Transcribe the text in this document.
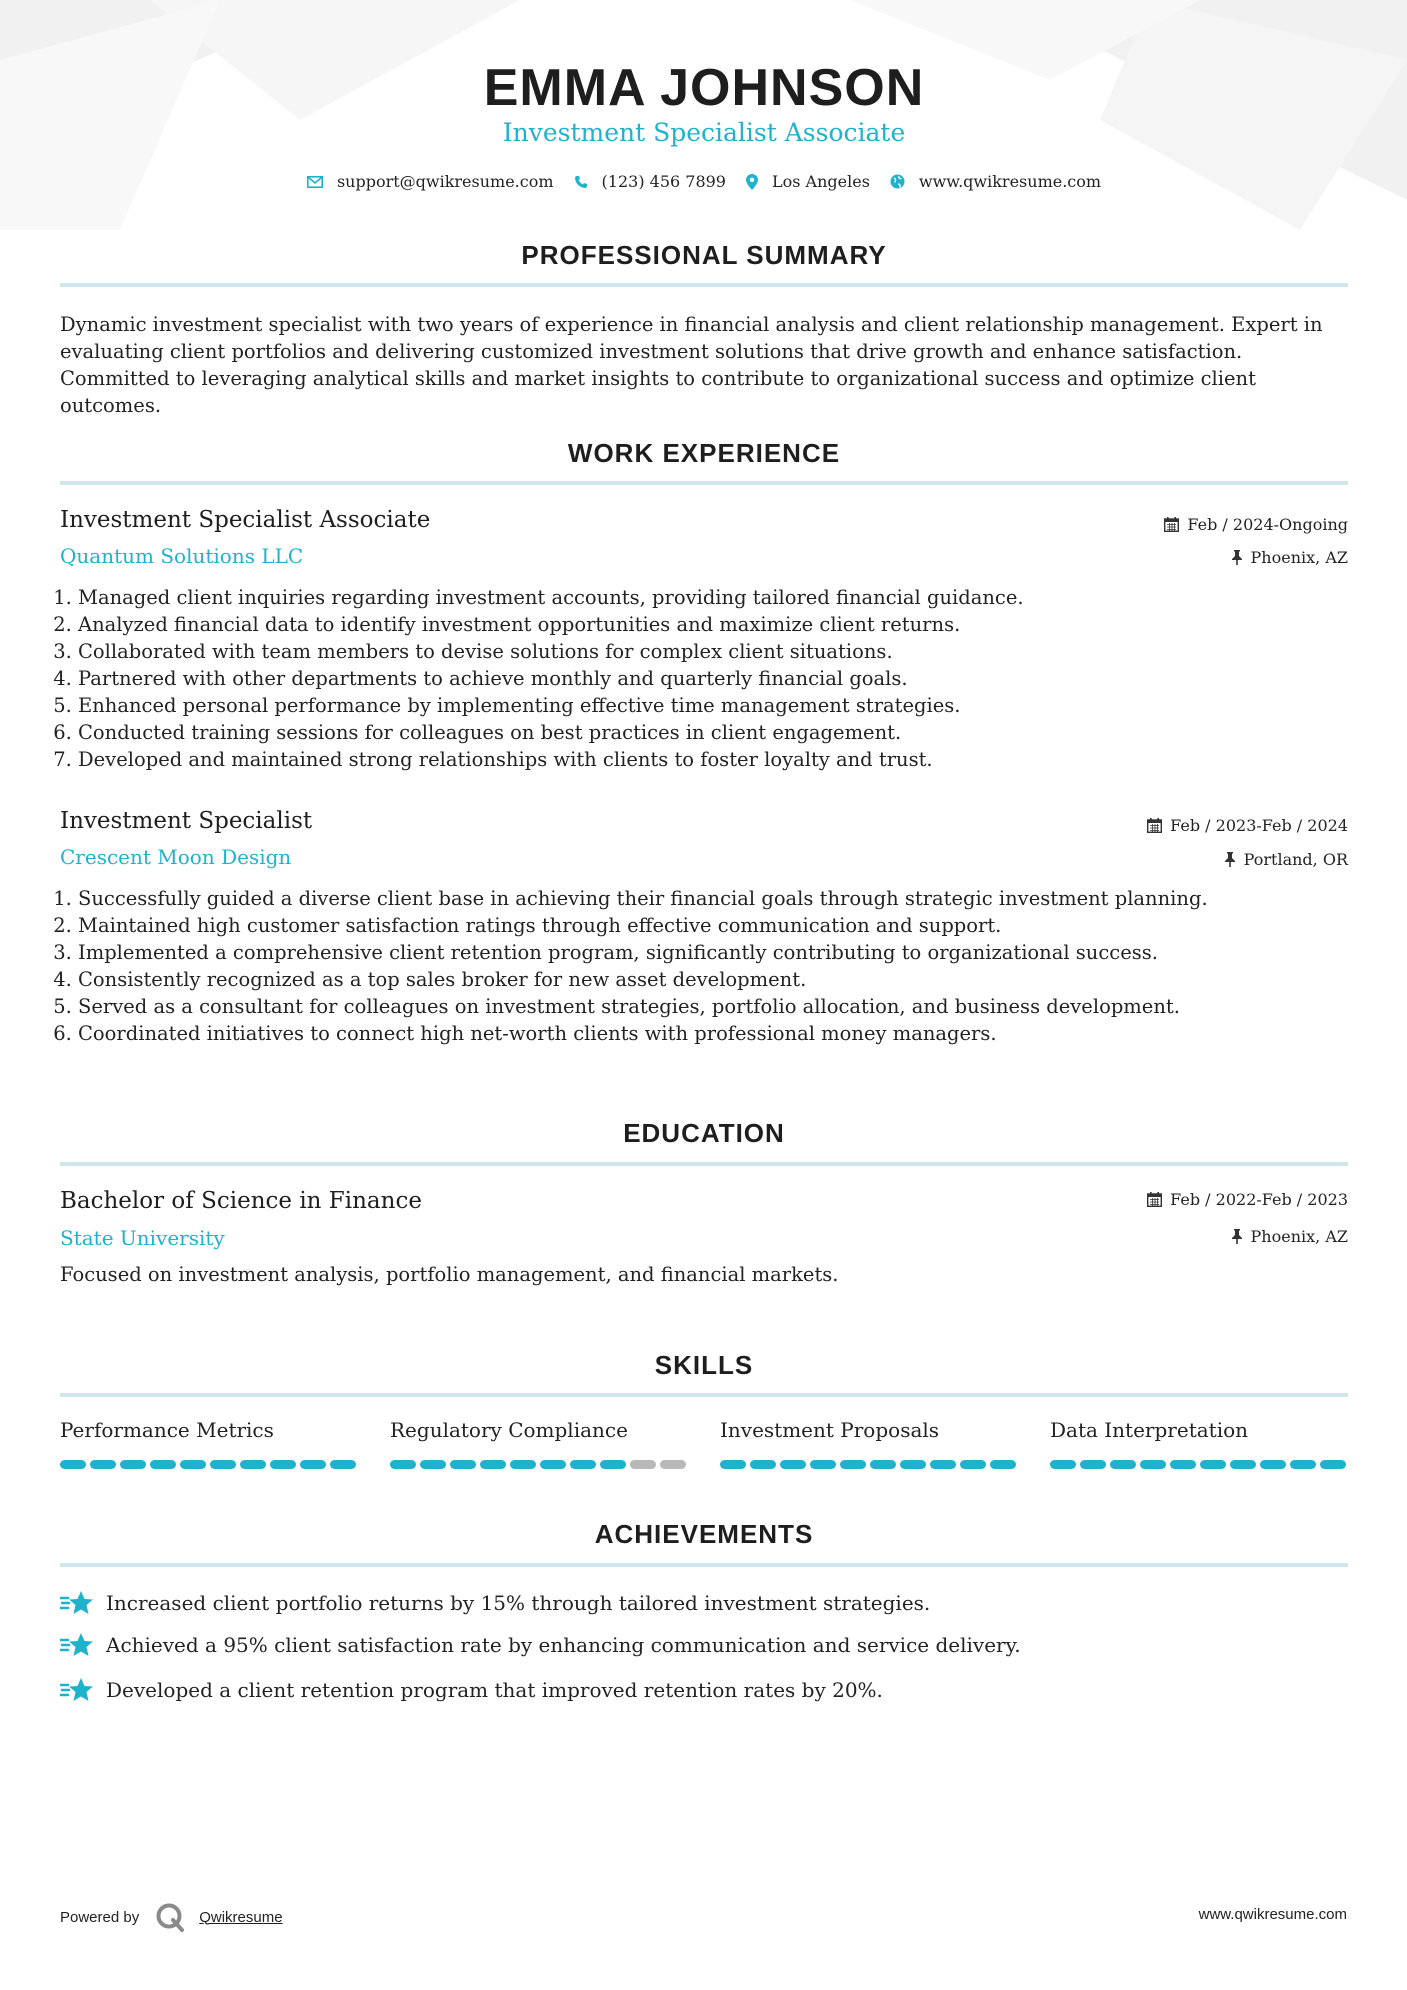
EMMA JOHNSON
Investment Specialist Associate
support@qwikresume.com	(123) 456 7899	Los Angeles	www.qwikresume.com
PROFESSIONAL SUMMARY
Dynamic investment specialist with two years of experience in financial analysis and client relationship management. Expert in evaluating client portfolios and delivering customized investment solutions that drive growth and enhance satisfaction. Committed to leveraging analytical skills and market insights to contribute to organizational success and optimize client outcomes.
WORK EXPERIENCE
Investment Specialist Associate	Feb / 2024-Ongoing
Quantum Solutions LLC	Phoenix, AZ
1. Managed client inquiries regarding investment accounts, providing tailored financial guidance.
2. Analyzed financial data to identify investment opportunities and maximize client returns.
3. Collaborated with team members to devise solutions for complex client situations.
4. Partnered with other departments to achieve monthly and quarterly financial goals.
5. Enhanced personal performance by implementing effective time management strategies.
6. Conducted training sessions for colleagues on best practices in client engagement.
7. Developed and maintained strong relationships with clients to foster loyalty and trust.
Investment Specialist	Feb / 2023-Feb / 2024
Crescent Moon Design	Portland, OR
1. Successfully guided a diverse client base in achieving their financial goals through strategic investment planning.
2. Maintained high customer satisfaction ratings through effective communication and support.
3. Implemented a comprehensive client retention program, significantly contributing to organizational success.
4. Consistently recognized as a top sales broker for new asset development.
5. Served as a consultant for colleagues on investment strategies, portfolio allocation, and business development.
6. Coordinated initiatives to connect high net-worth clients with professional money managers.
EDUCATION
Bachelor of Science in Finance	Feb / 2022-Feb / 2023
State University	Phoenix, AZ
Focused on investment analysis, portfolio management, and financial markets.
SKILLS
Performance Metrics	Regulatory Compliance	Investment Proposals	Data Interpretation
ACHIEVEMENTS
Increased client portfolio returns by 15% through tailored investment strategies.
Achieved a 95% client satisfaction rate by enhancing communication and service delivery.
Developed a client retention program that improved retention rates by 20%.
Powered by	Qwikresume	www.qwikresume.com
